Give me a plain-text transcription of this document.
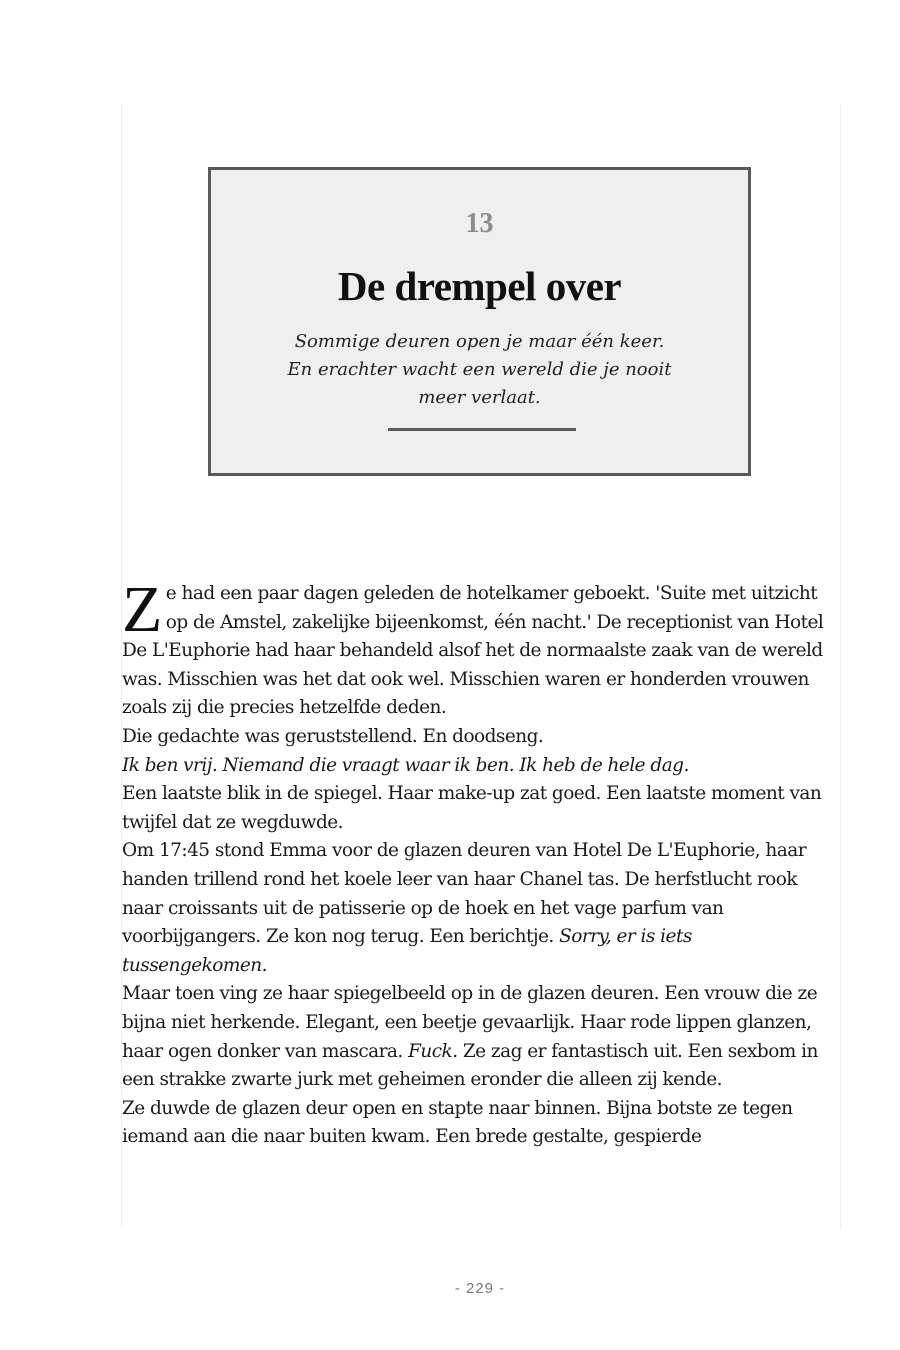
13
De drempel over
Sommige deuren open je maar één keer. En erachter wacht een wereld die je nooit meer verlaat.

Ze had een paar dagen geleden de hotelkamer geboekt. 'Suite met uitzicht op de Amstel, zakelijke bijeenkomst, één nacht.' De receptionist van Hotel De L'Euphorie had haar behandeld alsof het de normaalste zaak van de wereld was. Misschien was het dat ook wel. Misschien waren er honderden vrouwen zoals zij die precies hetzelfde deden.

Die gedachte was geruststellend. En doodseng.

Ik ben vrij. Niemand die vraagt waar ik ben. Ik heb de hele dag.

Een laatste blik in de spiegel. Haar make-up zat goed. Een laatste moment van twijfel dat ze wegduwde.

Om 17:45 stond Emma voor de glazen deuren van Hotel De L'Euphorie, haar handen trillend rond het koele leer van haar Chanel tas. De herfstlucht rook naar croissants uit de patisserie op de hoek en het vage parfum van voorbijgangers. Ze kon nog terug. Een berichtje. Sorry, er is iets tussengekomen.

Maar toen ving ze haar spiegelbeeld op in de glazen deuren. Een vrouw die ze bijna niet herkende. Elegant, een beetje gevaarlijk. Haar rode lippen glanzen, haar ogen donker van mascara. Fuck. Ze zag er fantastisch uit. Een sexbom in een strakke zwarte jurk met geheimen eronder die alleen zij kende.

Ze duwde de glazen deur open en stapte naar binnen. Bijna botste ze tegen iemand aan die naar buiten kwam. Een brede gestalte, gespierde

- 229 -
